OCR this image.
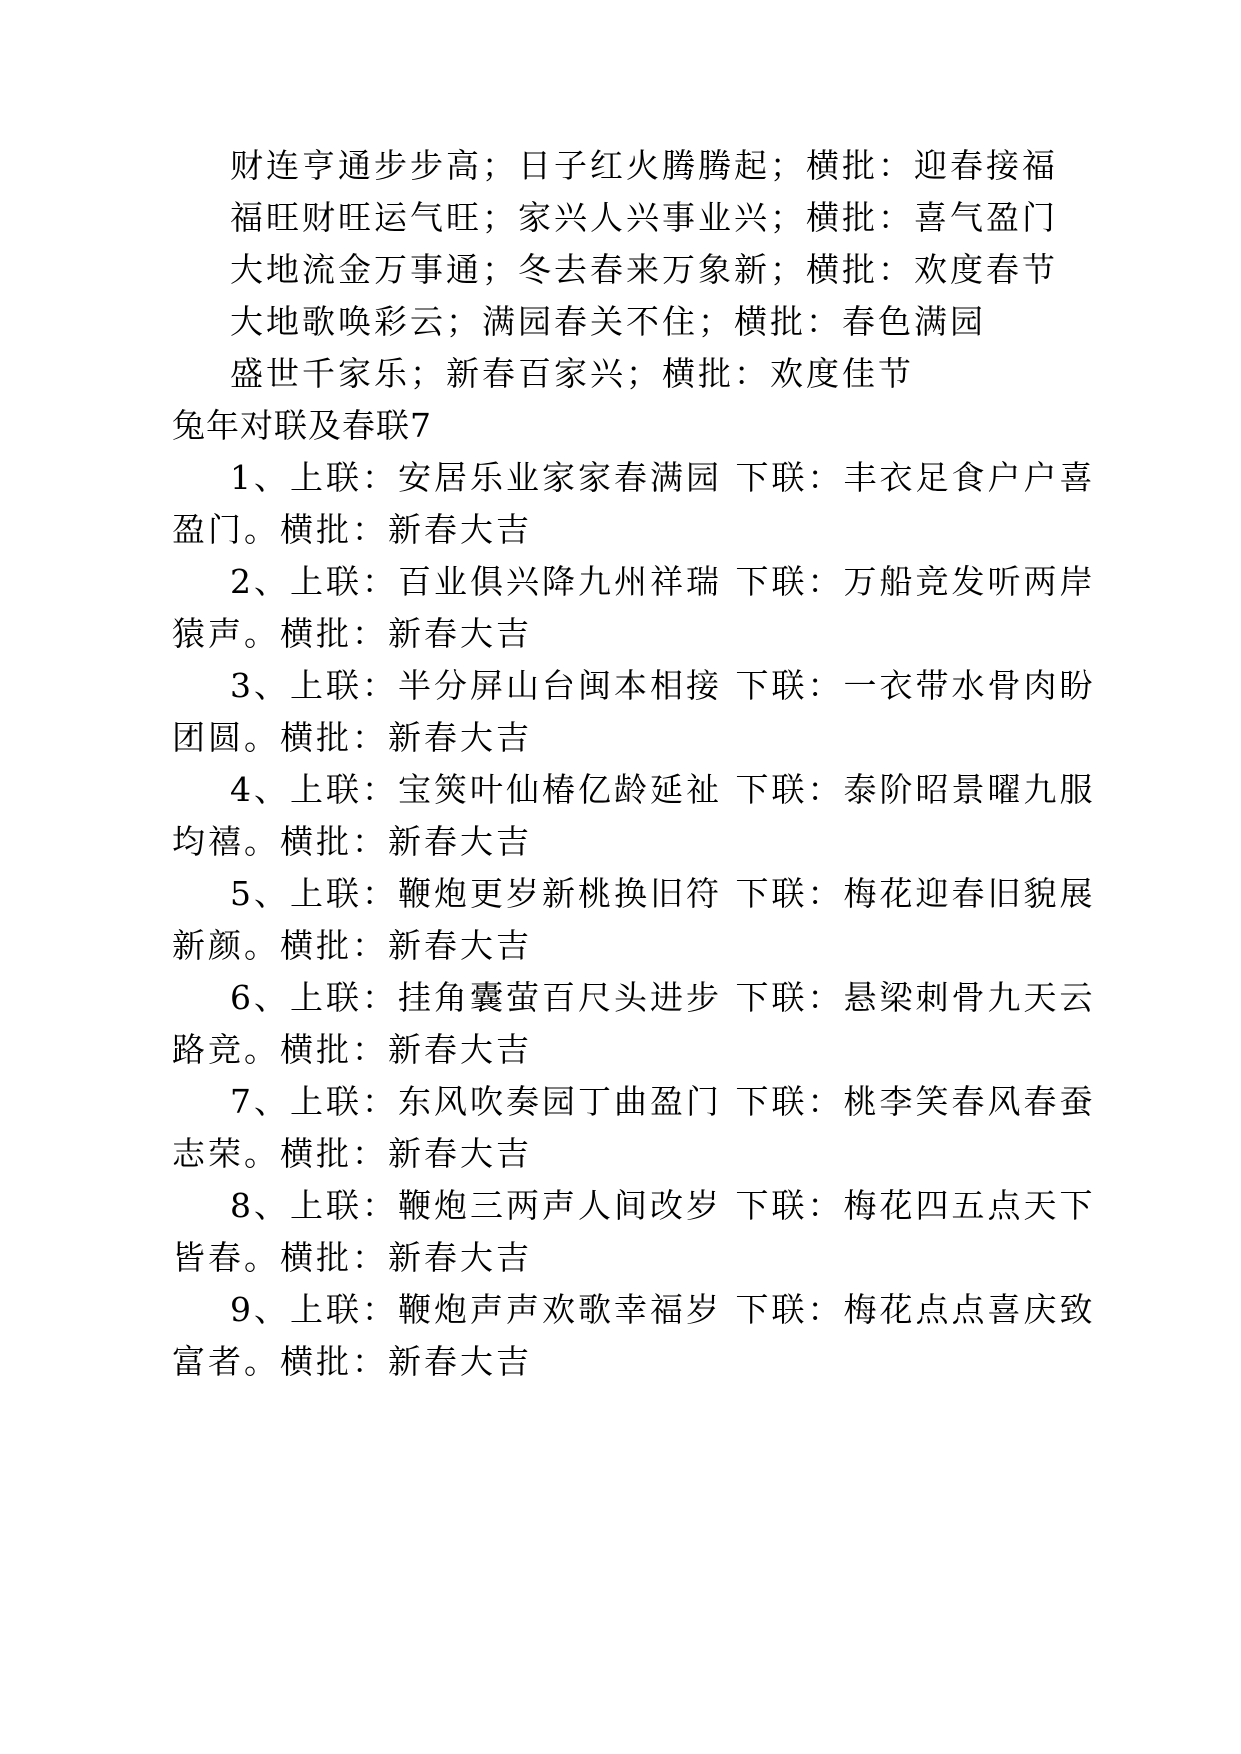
财连亨通步步高；日子红火腾腾起；横批：迎春接福
福旺财旺运气旺；家兴人兴事业兴；横批：喜气盈门
大地流金万事通；冬去春来万象新；横批：欢度春节
大地歌唤彩云；满园春关不住；横批：春色满园
盛世千家乐；新春百家兴；横批：欢度佳节
兔年对联及春联7
1、上联：安居乐业家家春满园 下联：丰衣足食户户喜
盈门。横批：新春大吉
2、上联：百业俱兴降九州祥瑞 下联：万船竞发听两岸
猿声。横批：新春大吉
3、上联：半分屏山台闽本相接 下联：一衣带水骨肉盼
团圆。横批：新春大吉
4、上联：宝筴叶仙椿亿龄延祉 下联：泰阶昭景曜九服
均禧。横批：新春大吉
5、上联：鞭炮更岁新桃换旧符 下联：梅花迎春旧貌展
新颜。横批：新春大吉
6、上联：挂角囊萤百尺头进步 下联：悬梁刺骨九天云
路竞。横批：新春大吉
7、上联：东风吹奏园丁曲盈门 下联：桃李笑春风春蚕
志荣。横批：新春大吉
8、上联：鞭炮三两声人间改岁 下联：梅花四五点天下
皆春。横批：新春大吉
9、上联：鞭炮声声欢歌幸福岁 下联：梅花点点喜庆致
富者。横批：新春大吉
